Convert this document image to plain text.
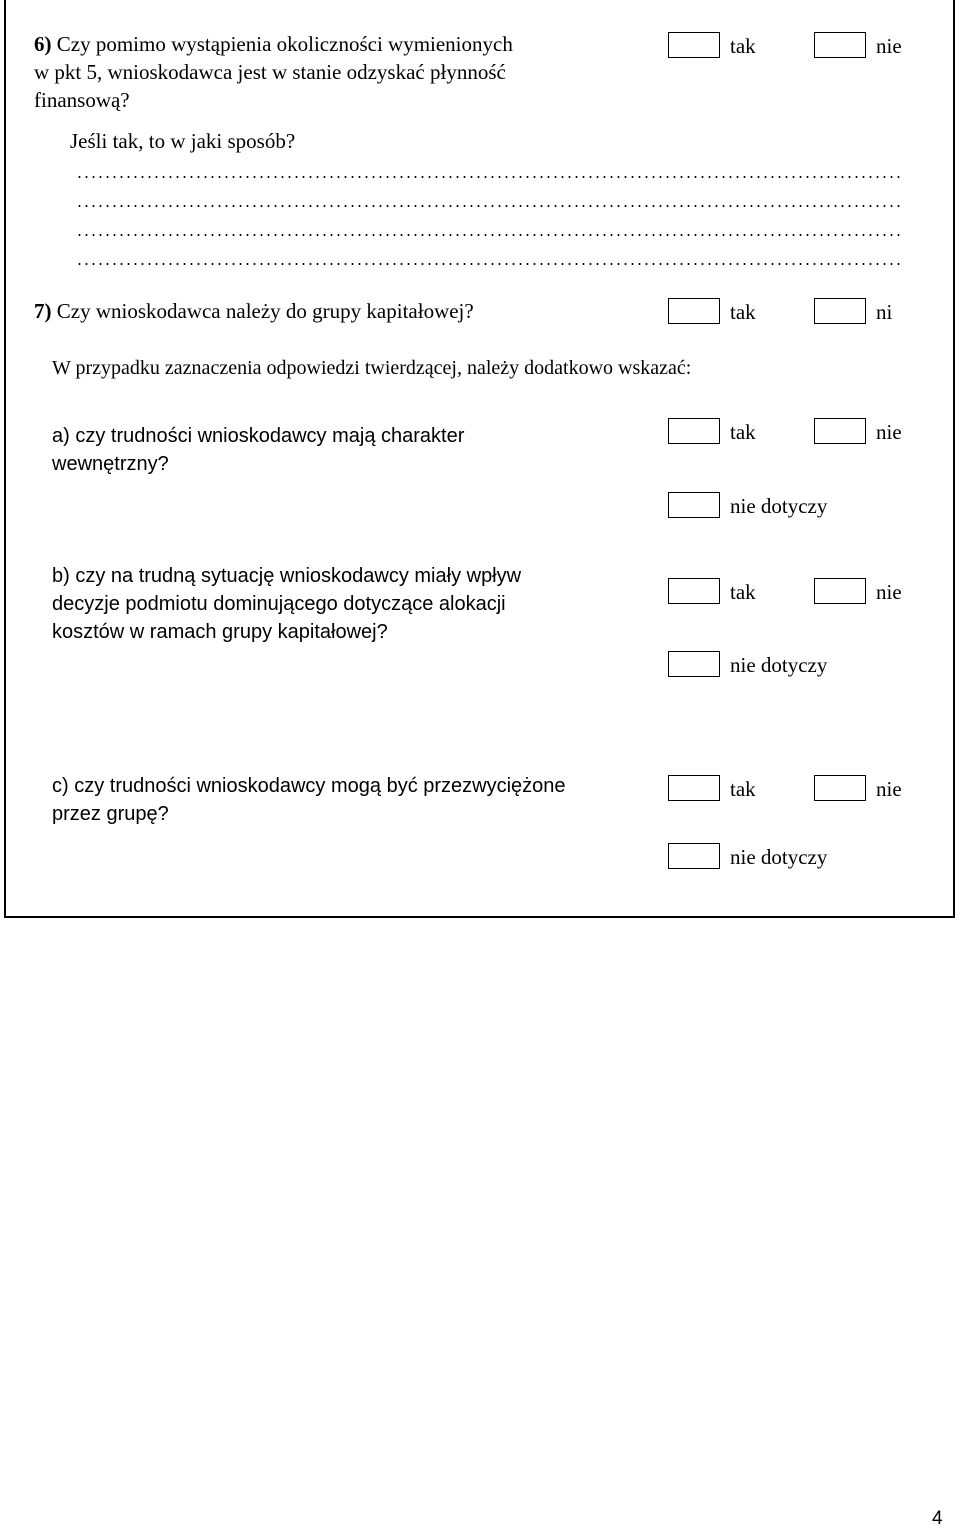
6) Czy pomimo wystąpienia okoliczności wymienionych
w pkt 5, wnioskodawca jest w stanie odzyskać płynność
finansową?
Jeśli tak, to w jaki sposób?
tak	nie
7) Czy wnioskodawca należy do grupy kapitałowej?	tak	ni
W przypadku zaznaczenia odpowiedzi twierdzącej, należy dodatkowo wskazać:
a) czy trudności wnioskodawcy mają charakter
wewnętrzny?
tak	nie
nie dotyczy
b) czy na trudną sytuację wnioskodawcy miały wpływ
decyzje podmiotu dominującego dotyczące alokacji
kosztów w ramach grupy kapitałowej?
tak	nie
nie dotyczy
c) czy trudności wnioskodawcy mogą być przezwyciężone
przez grupę?
tak	nie
nie dotyczy
4
